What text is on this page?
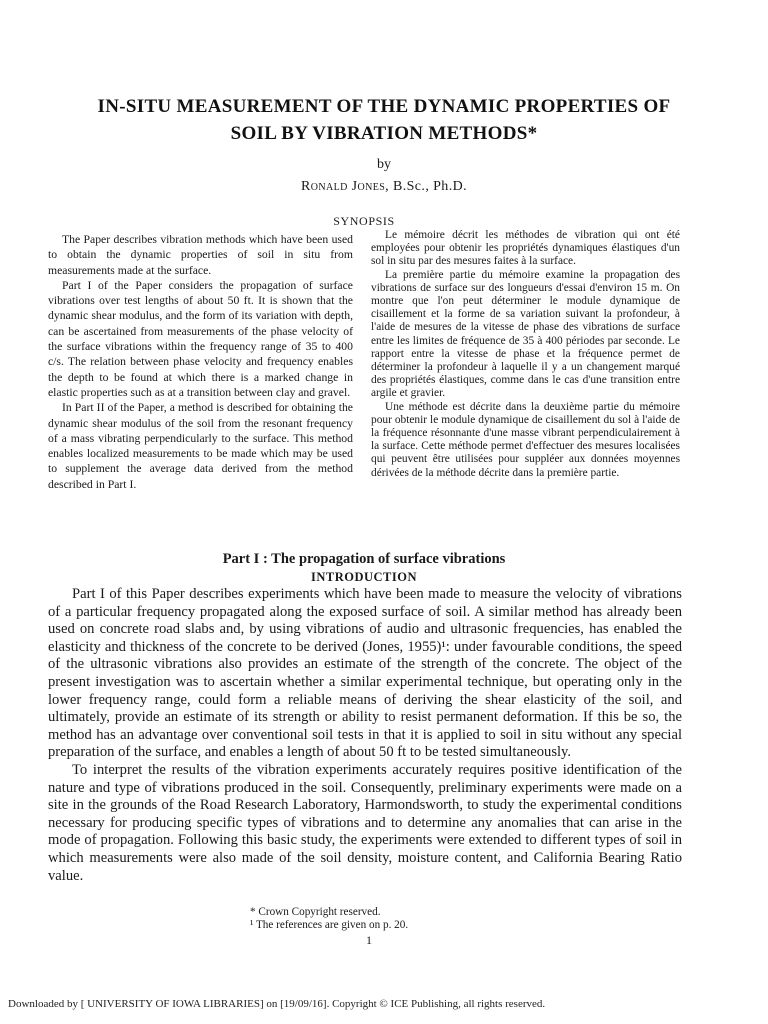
IN-SITU MEASUREMENT OF THE DYNAMIC PROPERTIES OF
SOIL BY VIBRATION METHODS*

by

Ronald Jones, B.Sc., Ph.D.

SYNOPSIS

The Paper describes vibration methods which have been used to obtain the dynamic properties of soil in situ from measurements made at the surface.

Part I of the Paper considers the propagation of surface vibrations over test lengths of about 50 ft. It is shown that the dynamic shear modulus, and the form of its variation with depth, can be ascertained from measurements of the phase velocity of the surface vibrations within the frequency range of 35 to 400 c/s. The relation between phase velocity and frequency enables the depth to be found at which there is a marked change in elastic properties such as at a transition between clay and gravel.

In Part II of the Paper, a method is described for obtaining the dynamic shear modulus of the soil from the resonant frequency of a mass vibrating perpendicularly to the surface. This method enables localized measurements to be made which may be used to supplement the average data derived from the method described in Part I.

Le mémoire décrit les méthodes de vibration qui ont été employées pour obtenir les propriétés dynamiques élastiques d'un sol in situ par des mesures faites à la surface.

La première partie du mémoire examine la propagation des vibrations de surface sur des longueurs d'essai d'environ 15 m. On montre que l'on peut déterminer le module dynamique de cisaillement et la forme de sa variation suivant la profondeur, à l'aide de mesures de la vitesse de phase des vibrations de surface entre les limites de fréquence de 35 à 400 périodes par seconde. Le rapport entre la vitesse de phase et la fréquence permet de déterminer la profondeur à laquelle il y a un changement marqué des propriétés élastiques, comme dans le cas d'une transition entre argile et gravier.

Une méthode est décrite dans la deuxième partie du mémoire pour obtenir le module dynamique de cisaillement du sol à l'aide de la fréquence résonnante d'une masse vibrant perpendiculairement à la surface. Cette méthode permet d'effectuer des mesures localisées qui peuvent être utilisées pour suppléer aux données moyennes dérivées de la méthode décrite dans la première partie.

Part I : The propagation of surface vibrations
INTRODUCTION

Part I of this Paper describes experiments which have been made to measure the velocity of vibrations of a particular frequency propagated along the exposed surface of soil. A similar method has already been used on concrete road slabs and, by using vibrations of audio and ultrasonic frequencies, has enabled the elasticity and thickness of the concrete to be derived (Jones, 1955)¹: under favourable conditions, the speed of the ultrasonic vibrations also provides an estimate of the strength of the concrete. The object of the present investigation was to ascertain whether a similar experimental technique, but operating only in the lower frequency range, could form a reliable means of deriving the shear elasticity of the soil, and ultimately, provide an estimate of its strength or ability to resist permanent deformation. If this be so, the method has an advantage over conventional soil tests in that it is applied to soil in situ without any special preparation of the surface, and enables a length of about 50 ft to be tested simultaneously.

To interpret the results of the vibration experiments accurately requires positive identification of the nature and type of vibrations produced in the soil. Consequently, preliminary experiments were made on a site in the grounds of the Road Research Laboratory, Harmondsworth, to study the experimental conditions necessary for producing specific types of vibrations and to determine any anomalies that can arise in the mode of propagation. Following this basic study, the experiments were extended to different types of soil in which measurements were also made of the soil density, moisture content, and California Bearing Ratio value.

* Crown Copyright reserved.
¹ The references are given on p. 20.

1

Downloaded by [ UNIVERSITY OF IOWA LIBRARIES] on [19/09/16]. Copyright © ICE Publishing, all rights reserved.
